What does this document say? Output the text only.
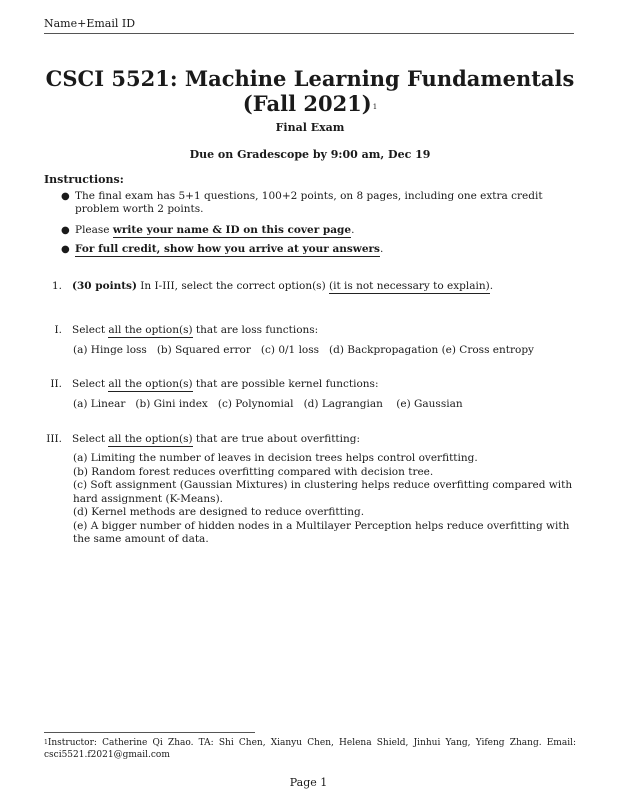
Name+Email ID
CSCI 5521: Machine Learning Fundamentals (Fall 2021)$^1$
Final Exam
Due on Gradescope by 9:00 am, Dec 19
Instructions:
● The final exam has 5+1 questions, 100+2 points, on 8 pages, including one extra credit problem worth 2 points.
● Please write your name & ID on this cover page.
● For full credit, show how you arrive at your answers.
1. (30 points) In I-III, select the correct option(s) (it is not necessary to explain).
I. Select all the option(s) that are loss functions:
(a) Hinge loss (b) Squared error (c) 0/1 loss (d) Backpropagation (e) Cross entropy
II. Select all the option(s) that are possible kernel functions:
(a) Linear (b) Gini index (c) Polynomial (d) Lagrangian (e) Gaussian
III. Select all the option(s) that are true about overfitting:
(a) Limiting the number of leaves in decision trees helps control overfitting.
(b) Random forest reduces overfitting compared with decision tree.
(c) Soft assignment (Gaussian Mixtures) in clustering helps reduce overfitting compared with hard assignment (K-Means).
(d) Kernel methods are designed to reduce overfitting.
(e) A bigger number of hidden nodes in a Multilayer Perception helps reduce overfitting with the same amount of data.
$^1$Instructor: Catherine Qi Zhao. TA: Shi Chen, Xianyu Chen, Helena Shield, Jinhui Yang, Yifeng Zhang. Email: csci5521.f2021@gmail.com
Page 1
